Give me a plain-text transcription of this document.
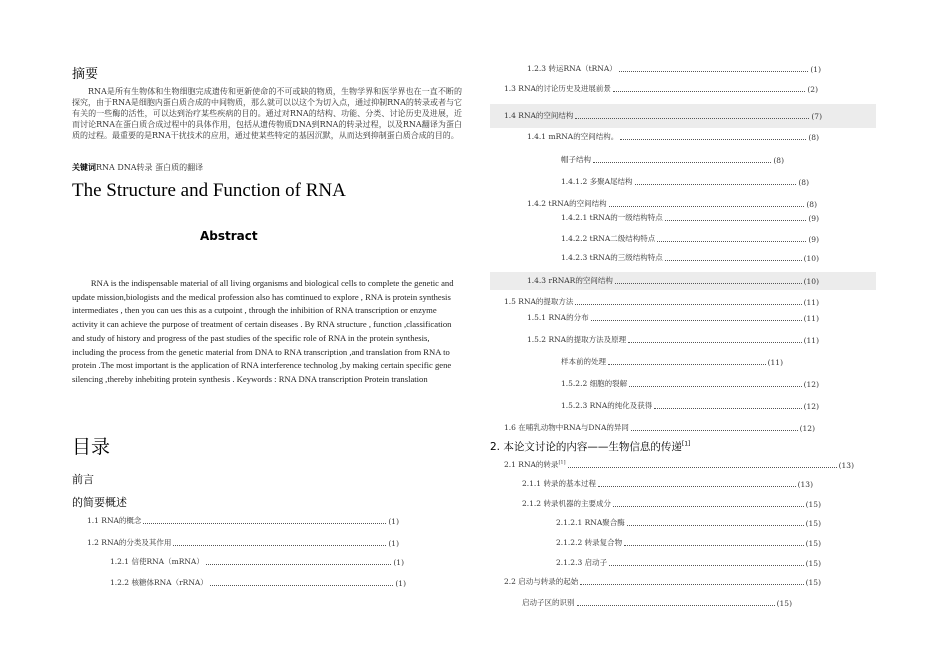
摘要
RNA是所有生物体和生物细胞完成遗传和更新使命的不可或缺的物质，生物学界和医学界也在一直不断的探究，由于RNA是细胞内蛋白质合成的中间物质，那么就可以以这个为切入点，通过抑制RNA的转录或者与它有关的一些酶的活性，可以达到治疗某些疾病的目的。通过对RNA的结构、功能、分类、讨论历史及进展，近而讨论RNA在蛋白质合成过程中的具体作用，包括从遗传物质DNA到RNA的转录过程，以及RNA翻译为蛋白质的过程。最重要的是RNA干扰技术的应用，通过使某些特定的基因沉默，从而达到抑制蛋白质合成的目的。
关键词RNA DNA转录 蛋白质的翻译
The Structure and Function of RNA
Abstract
RNA is the indispensable material of all living organisms and biological cells to complete the genetic and update mission,biologists and the medical profession also has comtinued to explore , RNA is protein synthesis intermediates , then you can ues this as a cutpoint , through the inhibition of RNA transcription or enzyme activity it can achieve the purpose of treatment of certain diseases . By RNA structure , function ,classification and study of history and progress of the past studies of the specific role of RNA in the protein synthesis, including the process from the genetic material from DNA to RNA transcription ,and translation from RNA to protein .The most important is the application of RNA interference technolog ,by making certain specific gene silencing ,thereby inhebiting protein synthesis . Keywords : RNA DNA transcription Protein translation
目录
前言
的简要概述
1.1 RNA的概念	(1)
1.2 RNA的分类及其作用	(1)
1.2.1 信使RNA（mRNA）	(1)
1.2.2 核糖体RNA（rRNA）	(1)
1.2.3 转运RNA（tRNA）	(1)
1.3 RNA的讨论历史及进展前景	(2)
1.4 RNA的空间结构	(7)
1.4.1 mRNA的空间结构。	(8)
帽子结构	(8)
1.4.1.2 多聚A尾结构	(8)
1.4.2 tRNA的空间结构	(8)
1.4.2.1 tRNA的一级结构特点	(9)
1.4.2.2 tRNA二级结构特点	(9)
1.4.2.3 tRNA的三级结构特点	(10)
1.4.3 rRNAR的空间结构	(10)
1.5 RNA的提取方法	(11)
1.5.1 RNA的分布	(11)
1.5.2 RNA的提取方法及原理	(11)
样本前的处理	(11)
1.5.2.2 细胞的裂解	(12)
1.5.2.3 RNA的纯化及获得	(12)
1.6 在哺乳动物中RNA与DNA的异同	(12)
2. 本论文讨论的内容——生物信息的传递[1]
2.1 RNA的转录[1]	(13)
2.1.1 转录的基本过程	(13)
2.1.2 转录机器的主要成分	(15)
2.1.2.1 RNA聚合酶	(15)
2.1.2.2 转录复合物	(15)
2.1.2.3 启动子	(15)
2.2 启动与转录的起始	(15)
启动子区的识别	(15)
